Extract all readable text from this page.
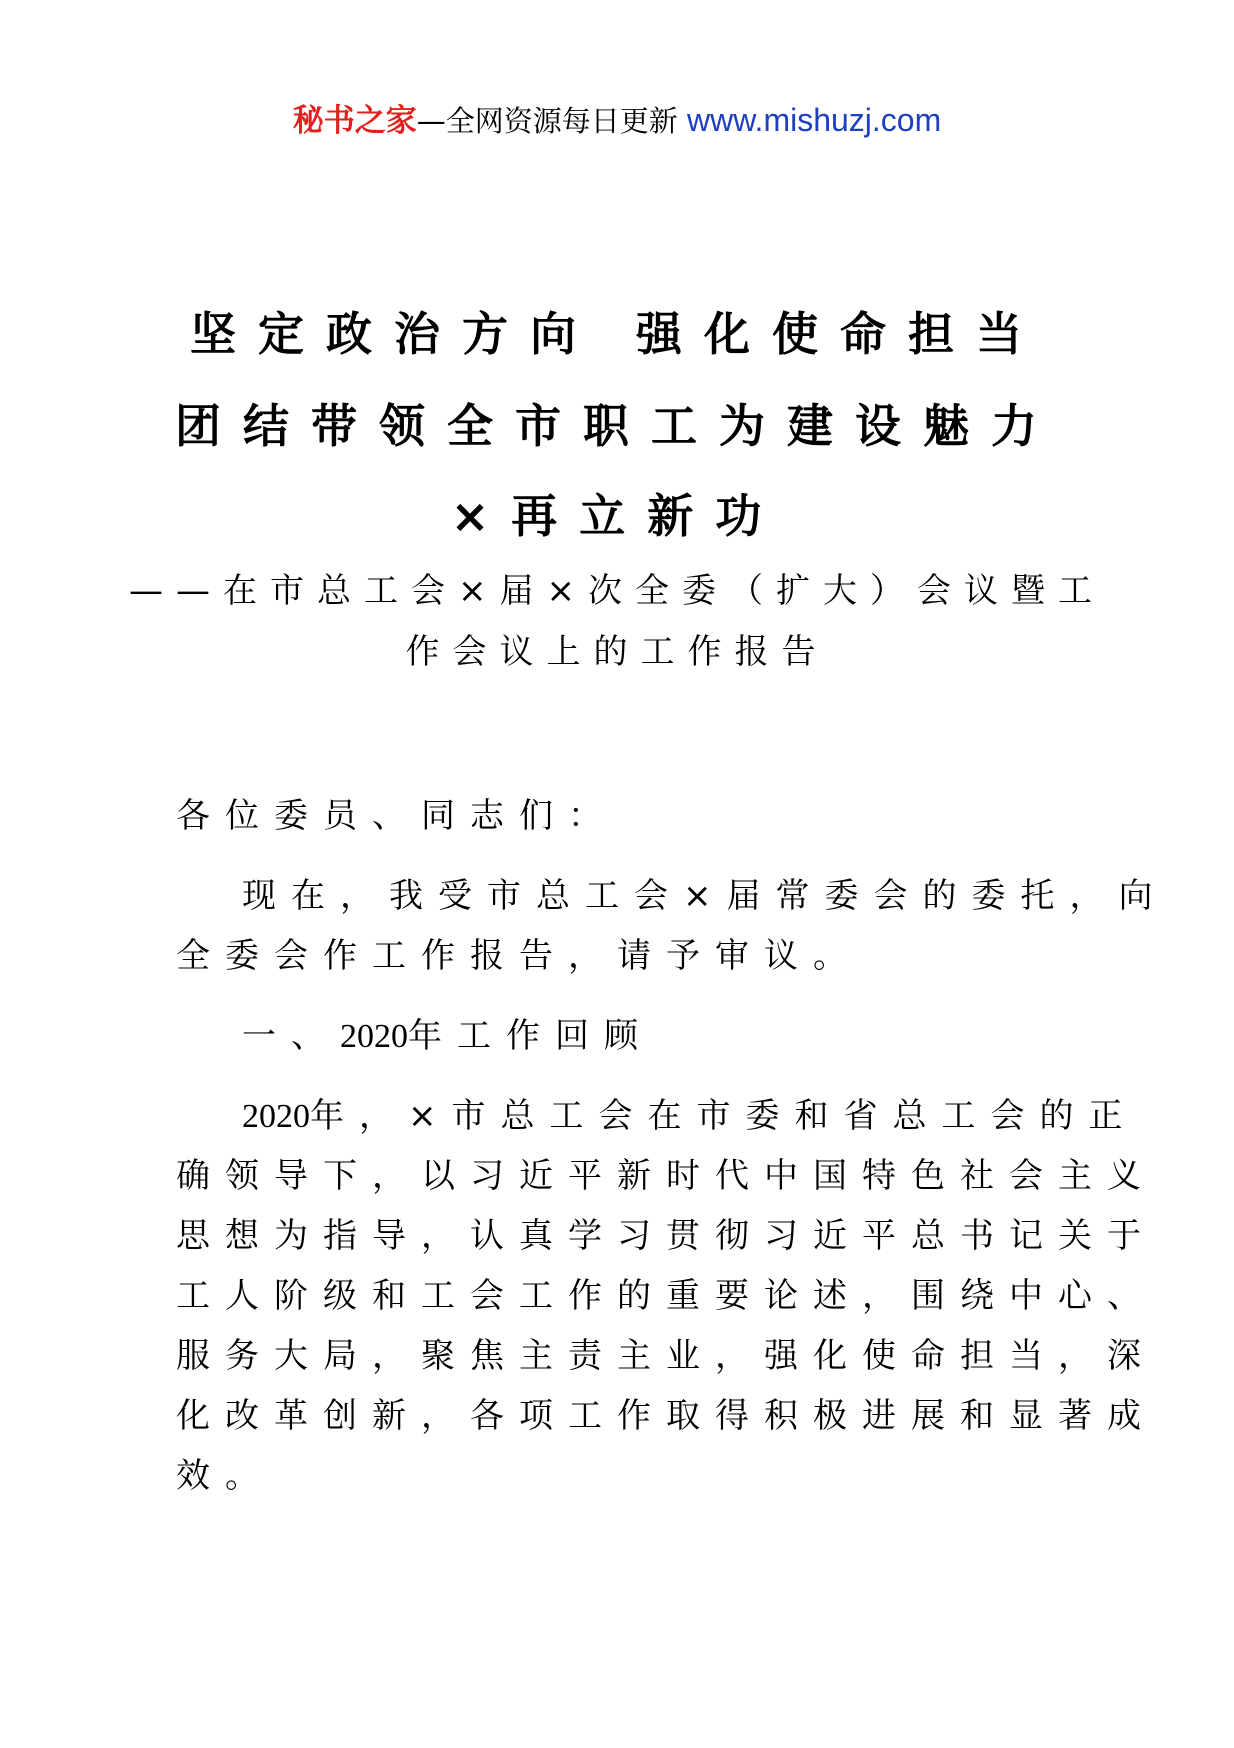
秘书之家—全网资源每日更新 www.mishuzj.com
坚定政治方向 强化使命担当
团结带领全市职工为建设魅力
×再立新功
——在市总工会×届×次全委（扩大）会议暨工
作会议上的工作报告
各位委员、同志们：
现在，我受市总工会×届常委会的委托，向
全委会作工作报告，请予审议。
一、2020年工作回顾
2020年，×市总工会在市委和省总工会的正
确领导下，以习近平新时代中国特色社会主义
思想为指导，认真学习贯彻习近平总书记关于
工人阶级和工会工作的重要论述，围绕中心、
服务大局，聚焦主责主业，强化使命担当，深
化改革创新，各项工作取得积极进展和显著成
效。
